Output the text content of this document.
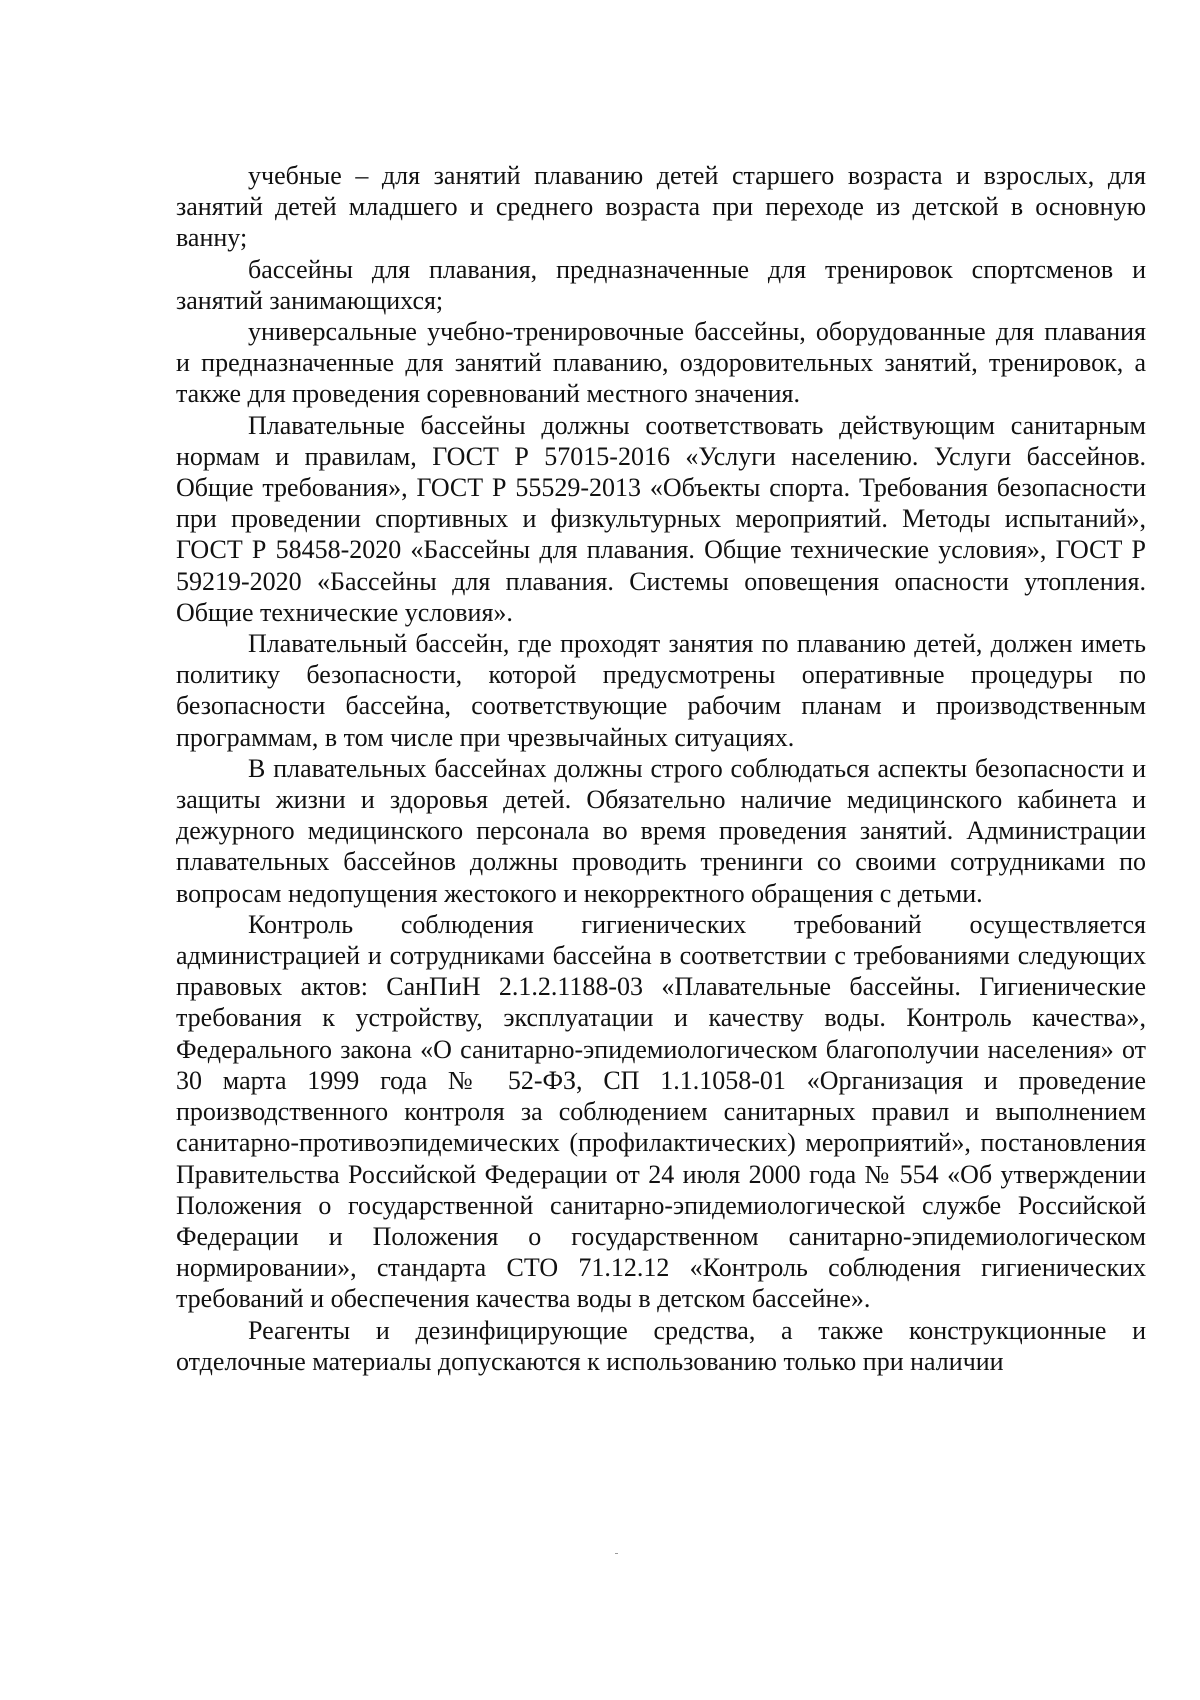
учебные – для занятий плаванию детей старшего возраста и взрослых, для занятий детей младшего и среднего возраста при переходе из детской в основную ванну;

бассейны для плавания, предназначенные для тренировок спортсменов и занятий занимающихся;

универсальные учебно-тренировочные бассейны, оборудованные для плавания и предназначенные для занятий плаванию, оздоровительных занятий, тренировок, а также для проведения соревнований местного значения.

Плавательные бассейны должны соответствовать действующим санитарным нормам и правилам, ГОСТ Р 57015-2016 «Услуги населению. Услуги бассейнов. Общие требования», ГОСТ Р 55529-2013 «Объекты спорта. Требования безопасности при проведении спортивных и физкультурных мероприятий. Методы испытаний», ГОСТ Р 58458-2020 «Бассейны для плавания. Общие технические условия», ГОСТ Р 59219-2020 «Бассейны для плавания. Системы оповещения опасности утопления. Общие технические условия».

Плавательный бассейн, где проходят занятия по плаванию детей, должен иметь политику безопасности, которой предусмотрены оперативные процедуры по безопасности бассейна, соответствующие рабочим планам и производственным программам, в том числе при чрезвычайных ситуациях.

В плавательных бассейнах должны строго соблюдаться аспекты безопасности и защиты жизни и здоровья детей. Обязательно наличие медицинского кабинета и дежурного медицинского персонала во время проведения занятий. Администрации плавательных бассейнов должны проводить тренинги со своими сотрудниками по вопросам недопущения жестокого и некорректного обращения с детьми.

Контроль соблюдения гигиенических требований осуществляется администрацией и сотрудниками бассейна в соответствии с требованиями следующих правовых актов: СанПиН 2.1.2.1188-03 «Плавательные бассейны. Гигиенические требования к устройству, эксплуатации и качеству воды. Контроль качества», Федерального закона «О санитарно-эпидемиологическом благополучии населения» от 30 марта 1999 года № 52-ФЗ, СП 1.1.1058-01 «Организация и проведение производственного контроля за соблюдением санитарных правил и выполнением санитарно-противоэпидемических (профилактических) мероприятий», постановления Правительства Российской Федерации от 24 июля 2000 года № 554 «Об утверждении Положения о государственной санитарно-эпидемиологической службе Российской Федерации и Положения о государственном санитарно-эпидемиологическом нормировании», стандарта СТО 71.12.12 «Контроль соблюдения гигиенических требований и обеспечения качества воды в детском бассейне».

Реагенты и дезинфицирующие средства, а также конструкционные и отделочные материалы допускаются к использованию только при наличии
